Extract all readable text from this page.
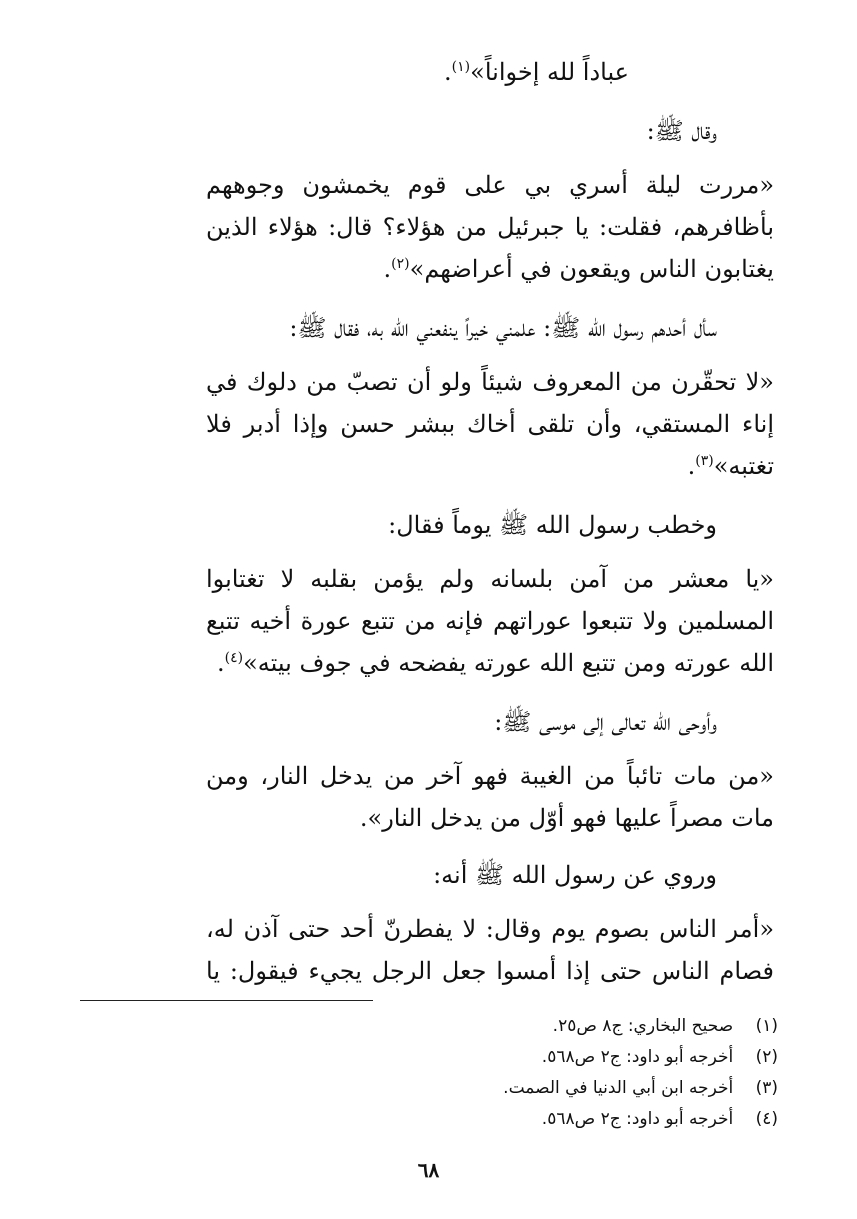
عباداً لله إخواناً»$^{(١)}$.
وقال ﷺ:
«مررت ليلة أسري بي على قوم يخمشون وجوههم
بأظافرهم، فقلت: يا جبرئيل من هؤلاء؟ قال: هؤلاء الذين
يغتابون الناس ويقعون في أعراضهم»$^{(٢)}$.
سأل أحدهم رسول الله ﷺ: علمني خيراً ينفعني الله به، فقال ﷺ:
«لا تحقّرن من المعروف شيئاً ولو أن تصبّ من دلوك في
إناء المستقي، وأن تلقى أخاك ببشر حسن وإذا أدبر فلا
تغتبه»$^{(٣)}$.
وخطب رسول الله ﷺ يوماً فقال:
«يا معشر من آمن بلسانه ولم يؤمن بقلبه لا تغتابوا
المسلمين ولا تتبعوا عوراتهم فإنه من تتبع عورة أخيه تتبع
الله عورته ومن تتبع الله عورته يفضحه في جوف بيته»$^{(٤)}$.
وأوحى الله تعالى إلى موسى ﷺ:
«من مات تائباً من الغيبة فهو آخر من يدخل النار، ومن
مات مصراً عليها فهو أوّل من يدخل النار».
وروي عن رسول الله ﷺ أنه:
«أمر الناس بصوم يوم وقال: لا يفطرنّ أحد حتى آذن له،
فصام الناس حتى إذا أمسوا جعل الرجل يجيء فيقول: يا
(١)  صحيح البخاري: ج٨ ص٢٥.
(٢)  أخرجه أبو داود: ج٢ ص٥٦٨.
(٣)  أخرجه ابن أبي الدنيا في الصمت.
(٤)  أخرجه أبو داود: ج٢ ص٥٦٨.
٦٨
